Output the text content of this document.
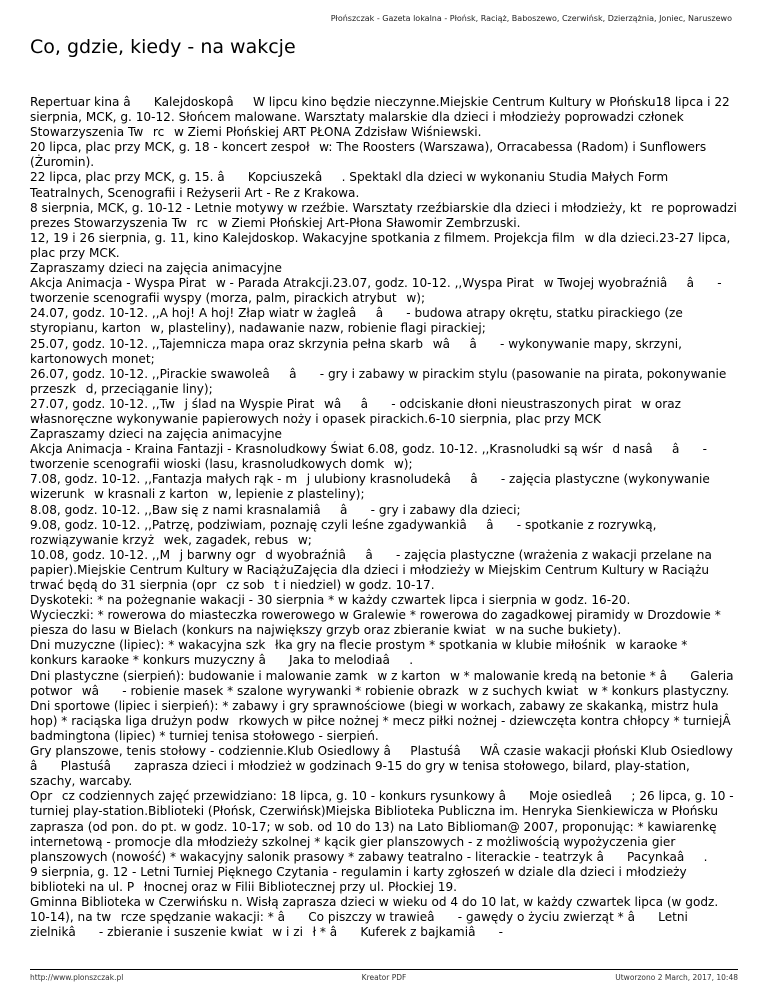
Płońszczak - Gazeta lokalna - Płońsk, Raciąż, Baboszewo, Czerwińsk, Dzierzążnia, Joniec, Naruszewo
Co, gdzie, kiedy - na wakcje
Repertuar kina â KalejdoskopâW lipcu kino będzie nieczynne.Miejskie Centrum Kultury w Płońsku18 lipca i 22 sierpnia, MCK, g. 10-12. Słońcem malowane. Warsztaty malarskie dla dzieci i młodzieży poprowadzi członek Stowarzyszenia Twrcw Ziemi Płońskiej ART PŁONA Zdzisław Wiśniewski.
20 lipca, plac przy MCK, g. 18 - koncert zespołw: The Roosters (Warszawa), Orracabessa (Radom) i Sunflowers (Żuromin).
22 lipca, plac przy MCK, g. 15. â Kopciuszekâ. Spektakl dla dzieci w wykonaniu Studia Małych Form Teatralnych, Scenografii i Reżyserii Art - Re z Krakowa.
8 sierpnia, MCK, g. 10-12 - Letnie motywy w rzeźbie. Warsztaty rzeźbiarskie dla dzieci i młodzieży, ktre poprowadzi prezes Stowarzyszenia Twrcw Ziemi Płońskiej Art-Płona Sławomir Zembrzuski.
12, 19 i 26 sierpnia, g. 11, kino Kalejdoskop. Wakacyjne spotkania z filmem. Projekcja filmw dla dzieci.23-27 lipca, plac przy MCK.
Zapraszamy dzieci na zajęcia animacyjne
Akcja Animacja - Wyspa Piratw - Parada Atrakcji.23.07, godz. 10-12. ,,Wyspa Piratw Twojej wyobraźniââ - tworzenie scenografii wyspy (morza, palm, pirackich atrybutw);
24.07, godz. 10-12. ,,A hoj! A hoj! Złap wiatr w żagleââ - budowa atrapy okrętu, statku pirackiego (ze styropianu, kartonw, plasteliny), nadawanie nazw, robienie flagi pirackiej;
25.07, godz. 10-12. ,,Tajemnicza mapa oraz skrzynia pełna skarbwââ - wykonywanie mapy, skrzyni, kartonowych monet;
26.07, godz. 10-12. ,,Pirackie swawoleââ - gry i zabawy w pirackim stylu (pasowanie na pirata, pokonywanie przeszkd, przeciąganie liny);
27.07, godz. 10-12. ,,Twj ślad na Wyspie Piratwââ - odciskanie dłoni nieustraszonych piratw oraz własnoręczne wykonywanie papierowych noży i opasek pirackich.6-10 sierpnia, plac przy MCK
Zapraszamy dzieci na zajęcia animacyjne
Akcja Animacja - Kraina Fantazji - Krasnoludkowy Świat 6.08, godz. 10-12. ,,Krasnoludki są wśrd nasââ - tworzenie scenografii wioski (lasu, krasnoludkowych domkw);
7.08, godz. 10-12. ,,Fantazja małych rąk - mj ulubiony krasnoludekââ - zajęcia plastyczne (wykonywanie wizerunkw krasnali z kartonw, lepienie z plasteliny);
8.08, godz. 10-12. ,,Baw się z nami krasnalamiââ - gry i zabawy dla dzieci;
9.08, godz. 10-12. ,,Patrzę, podziwiam, poznaję czyli leśne zgadywankiââ - spotkanie z rozrywką, rozwiązywanie krzyżwek, zagadek, rebusw;
10.08, godz. 10-12. ,,Mj barwny ogrd wyobraźniââ - zajęcia plastyczne (wrażenia z wakacji przelane na papier).Miejskie Centrum Kultury w RaciążuZajęcia dla dzieci i młodzieży w Miejskim Centrum Kultury w Raciążu trwać będą do 31 sierpnia (oprcz sobt i niedziel) w godz. 10-17.
Dyskoteki: * na pożegnanie wakacji - 30 sierpnia * w każdy czwartek lipca i sierpnia w godz. 16-20.
Wycieczki: * rowerowa do miasteczka rowerowego w Gralewie * rowerowa do zagadkowej piramidy w Drozdowie * piesza do lasu w Bielach (konkurs na największy grzyb oraz zbieranie kwiatw na suche bukiety).
Dni muzyczne (lipiec): * wakacyjna szkłka gry na flecie prostym * spotkania w klubie miłośnikw karaoke * konkurs karaoke * konkurs muzyczny â Jaka to melodiaâ.
Dni plastyczne (sierpień): budowanie i malowanie zamkw z kartonw * malowanie kredą na betonie * â Galeria potworwâ - robienie masek * szalone wyrywanki * robienie obrazkw z suchych kwiatw * konkurs plastyczny.
Dni sportowe (lipiec i sierpień): * zabawy i gry sprawnościowe (biegi w workach, zabawy ze skakanką, mistrz hula hop) * raciąska liga drużyn podwrkowych w piłce nożnej * mecz piłki nożnej - dziewczęta kontra chłopcy * turniejÂ badmingtona (lipiec) * turniej tenisa stołowego - sierpień.
Gry planszowe, tenis stołowy - codziennie.Klub Osiedlowy âPlastuśâWÂ czasie wakacji płoński Klub Osiedlowy â Plastuśâ zaprasza dzieci i młodzież w godzinach 9-15 do gry w tenisa stołowego, bilard, play-station, szachy, warcaby.
Oprcz codziennych zajęć przewidziano: 18 lipca, g. 10 - konkurs rysunkowy â Moje osiedleâ; 26 lipca, g. 10 - turniej play-station.Biblioteki (Płońsk, Czerwińsk)Miejska Biblioteka Publiczna im. Henryka Sienkiewicza w Płońsku zaprasza (od pon. do pt. w godz. 10-17; w sob. od 10 do 13) na Lato Biblioman@ 2007, proponując: * kawiarenkę internetową - promocje dla młodzieży szkolnej * kącik gier planszowych - z możliwością wypożyczenia gier planszowych (nowość) * wakacyjny salonik prasowy * zabawy teatralno - literackie - teatrzyk â Pacynkaâ.
9 sierpnia, g. 12 - Letni Turniej Pięknego Czytania - regulamin i karty zgłoszeń w dziale dla dzieci i młodzieży biblioteki na ul. Płnocnej oraz w Filii Bibliotecznej przy ul. Płockiej 19.
Gminna Biblioteka w Czerwińsku n. Wisłą zaprasza dzieci w wieku od 4 do 10 lat, w każdy czwartek lipca (w godz. 10-14), na twrcze spędzanie wakacji: * â Co piszczy w trawieâ - gawędy o życiu zwierząt * â Letni zielnikâ - zbieranie i suszenie kwiatw i ził * â Kuferek z bajkamiâ -
http://www.plonszczak.pl	Kreator PDF	Utworzono 2 March, 2017, 10:48
